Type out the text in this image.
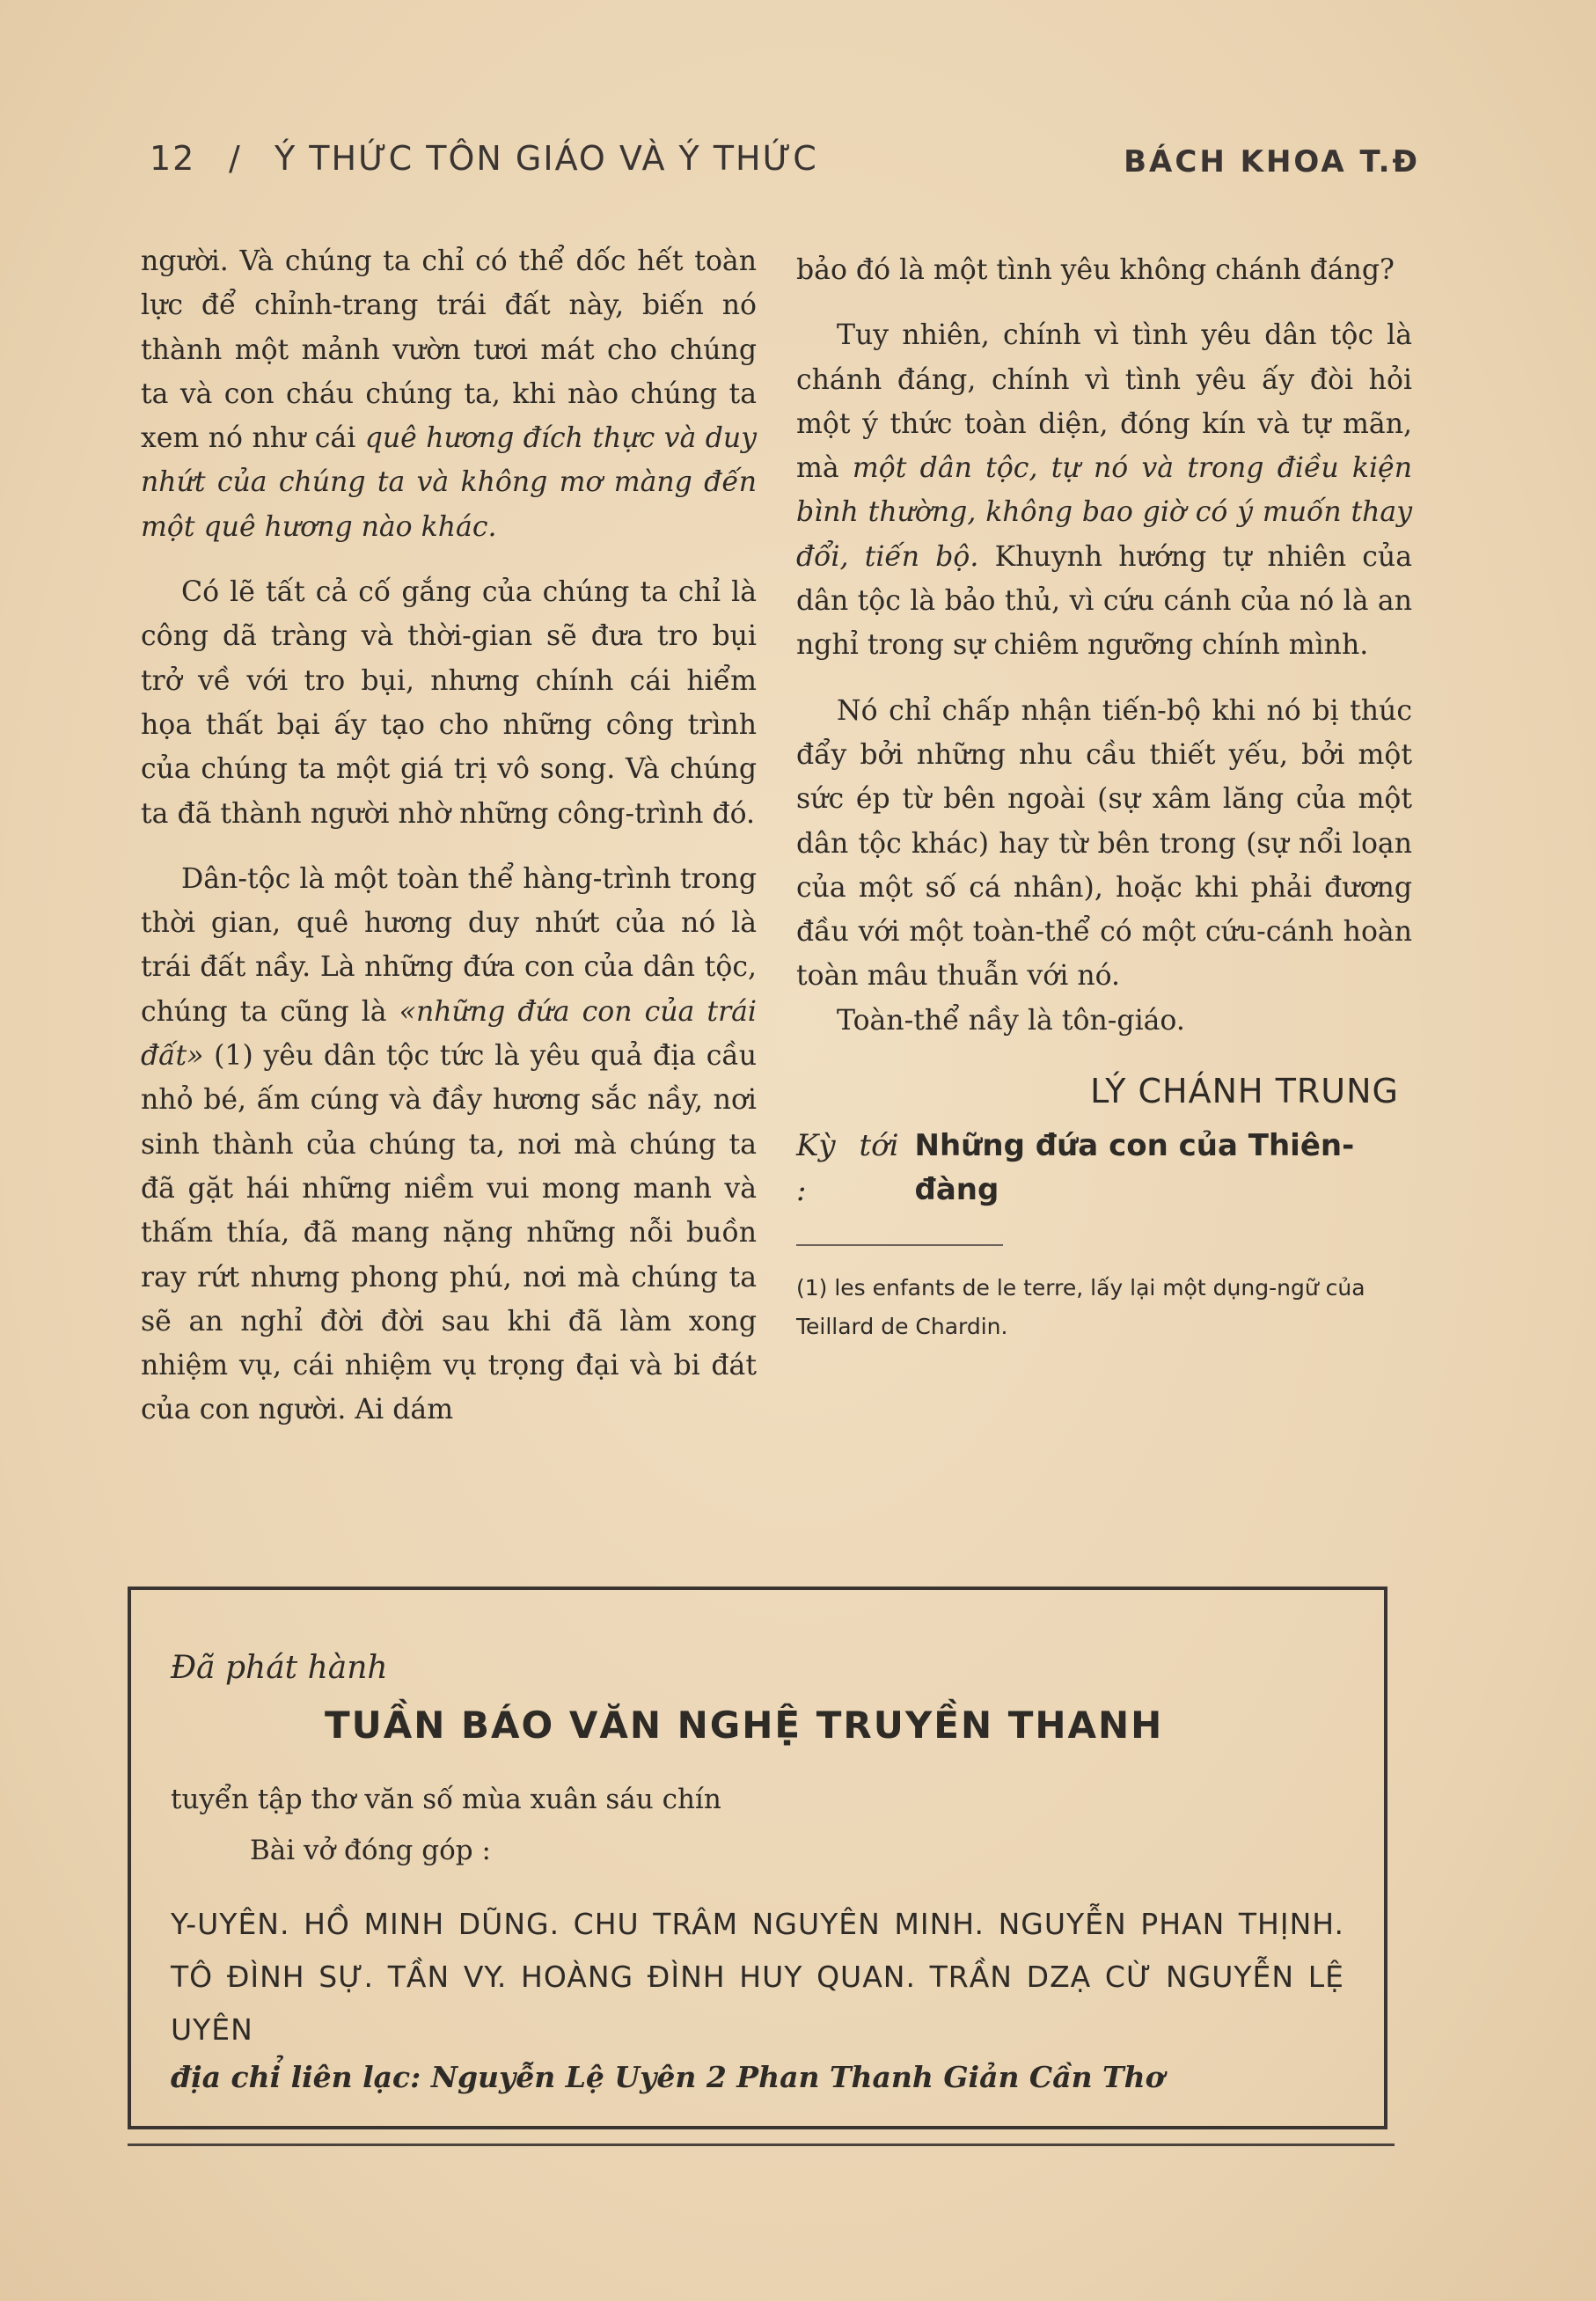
12 / Ý THỨC TÔN GIÁO VÀ Ý THỨC	BÁCH KHOA T.Đ

người. Và chúng ta chỉ có thể dốc hết toàn lực để chỉnh-trang trái đất này, biến nó thành một mảnh vườn tươi mát cho chúng ta và con cháu chúng ta, khi nào chúng ta xem nó như cái quê hương đích thực và duy nhứt của chúng ta và không mơ màng đến một quê hương nào khác.

Có lẽ tất cả cố gắng của chúng ta chỉ là công dã tràng và thời-gian sẽ đưa tro bụi trở về với tro bụi, nhưng chính cái hiểm họa thất bại ấy tạo cho những công trình của chúng ta một giá trị vô song. Và chúng ta đã thành người nhờ những công-trình đó.

Dân-tộc là một toàn thể hàng-trình trong thời gian, quê hương duy nhứt của nó là trái đất nầy. Là những đứa con của dân tộc, chúng ta cũng là «những đứa con của trái đất» (1) yêu dân tộc tức là yêu quả địa cầu nhỏ bé, ấm cúng và đầy hương sắc nầy, nơi sinh thành của chúng ta, nơi mà chúng ta đã gặt hái những niềm vui mong manh và thấm thía, đã mang nặng những nỗi buồn ray rứt nhưng phong phú, nơi mà chúng ta sẽ an nghỉ đời đời sau khi đã làm xong nhiệm vụ, cái nhiệm vụ trọng đại và bi đát của con người. Ai dám

bảo đó là một tình yêu không chánh đáng?

Tuy nhiên, chính vì tình yêu dân tộc là chánh đáng, chính vì tình yêu ấy đòi hỏi một ý thức toàn diện, đóng kín và tự mãn, mà một dân tộc, tự nó và trong điều kiện bình thường, không bao giờ có ý muốn thay đổi, tiến bộ. Khuynh hướng tự nhiên của dân tộc là bảo thủ, vì cứu cánh của nó là an nghỉ trong sự chiêm ngưỡng chính mình.

Nó chỉ chấp nhận tiến-bộ khi nó bị thúc đẩy bởi những nhu cầu thiết yếu, bởi một sức ép từ bên ngoài (sự xâm lăng của một dân tộc khác) hay từ bên trong (sự nổi loạn của một số cá nhân), hoặc khi phải đương đầu với một toàn-thể có một cứu-cánh hoàn toàn mâu thuẫn với nó.

Toàn-thể nầy là tôn-giáo.

LÝ CHÁNH TRUNG
Kỳ tới :
Những đứa con của Thiên-đàng
(1) les enfants de le terre, lấy lại một dụng-ngữ của Teillard de Chardin.
Đã phát hành
TUẦN BÁO VĂN NGHỆ TRUYỀN THANH
tuyển tập thơ văn số mùa xuân sáu chín
Bài vở đóng góp :
Y-UYÊN. HỒ MINH DŨNG. CHU TRÂM NGUYÊN MINH. NGUYỄN PHAN THỊNH. TÔ ĐÌNH SỰ. TẦN VY. HOÀNG ĐÌNH HUY QUAN. TRẦN DZẠ CỪ NGUYỄN LỆ UYÊN
địa chỉ liên lạc: Nguyễn Lệ Uyên 2 Phan Thanh Giản Cần Thơ
